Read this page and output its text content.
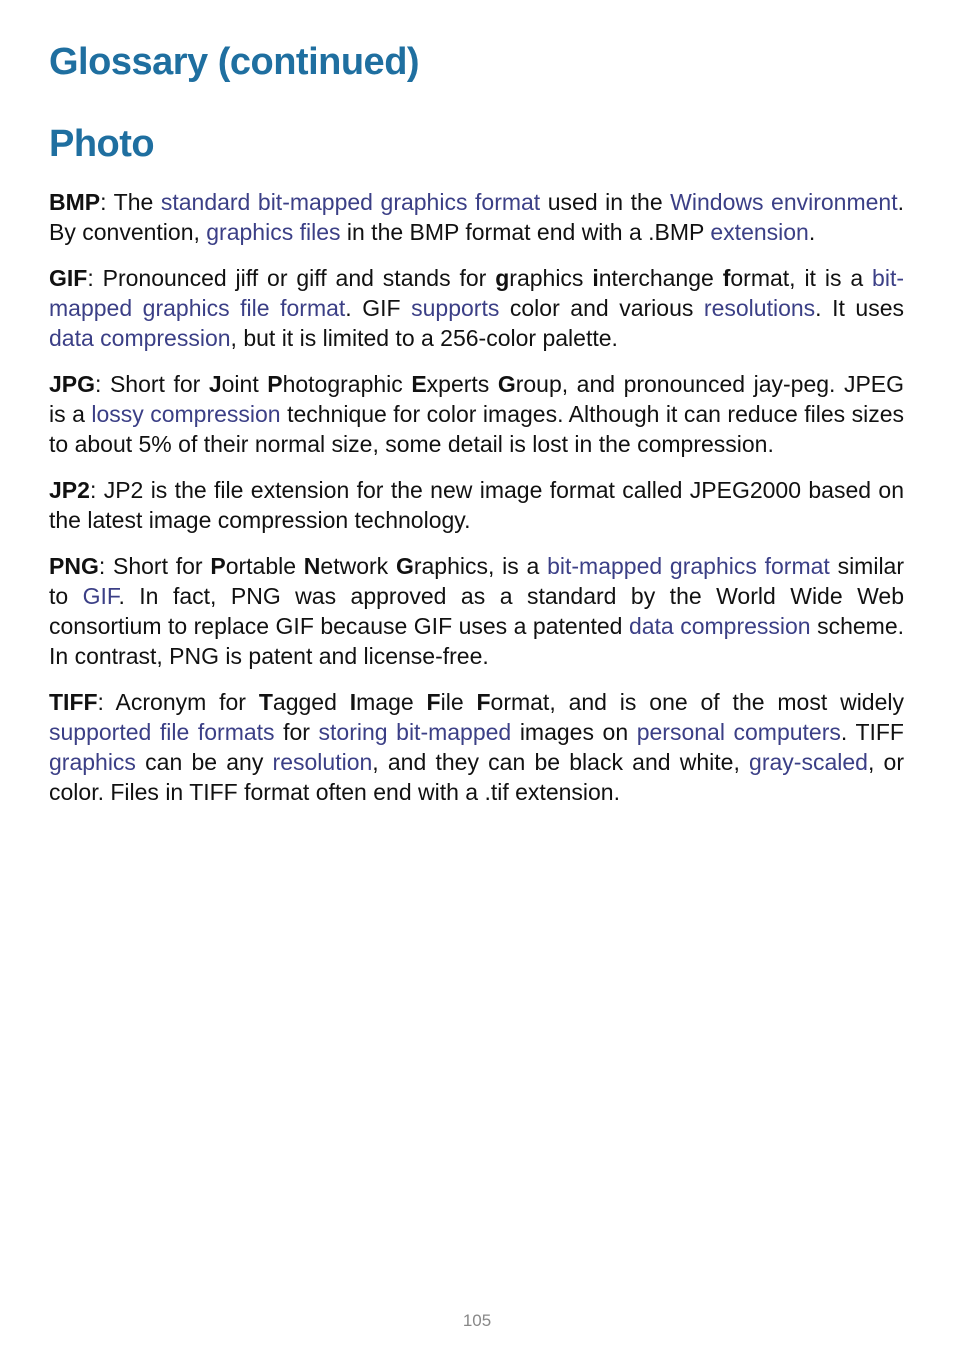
Glossary (continued)
Photo

BMP: The standard bit-mapped graphics format used in the Windows environment. By convention, graphics files in the BMP format end with a .BMP extension.

GIF: Pronounced jiff or giff and stands for graphics interchange format, it is a bit-mapped graphics file format. GIF supports color and various resolutions. It uses data compression, but it is limited to a 256-color palette.

JPG: Short for Joint Photographic Experts Group, and pronounced jay-peg. JPEG is a lossy compression technique for color images. Although it can reduce files sizes to about 5% of their normal size, some detail is lost in the compression.

JP2: JP2 is the file extension for the new image format called JPEG2000 based on the latest image compression technology.

PNG: Short for Portable Network Graphics, is a bit-mapped graphics format similar to GIF. In fact, PNG was approved as a standard by the World Wide Web consortium to replace GIF because GIF uses a patented data compression scheme. In contrast, PNG is patent and license-free.

TIFF: Acronym for Tagged Image File Format, and is one of the most widely supported file formats for storing bit-mapped images on personal computers. TIFF graphics can be any resolution, and they can be black and white, gray-scaled, or color. Files in TIFF format often end with a .tif extension.

105
